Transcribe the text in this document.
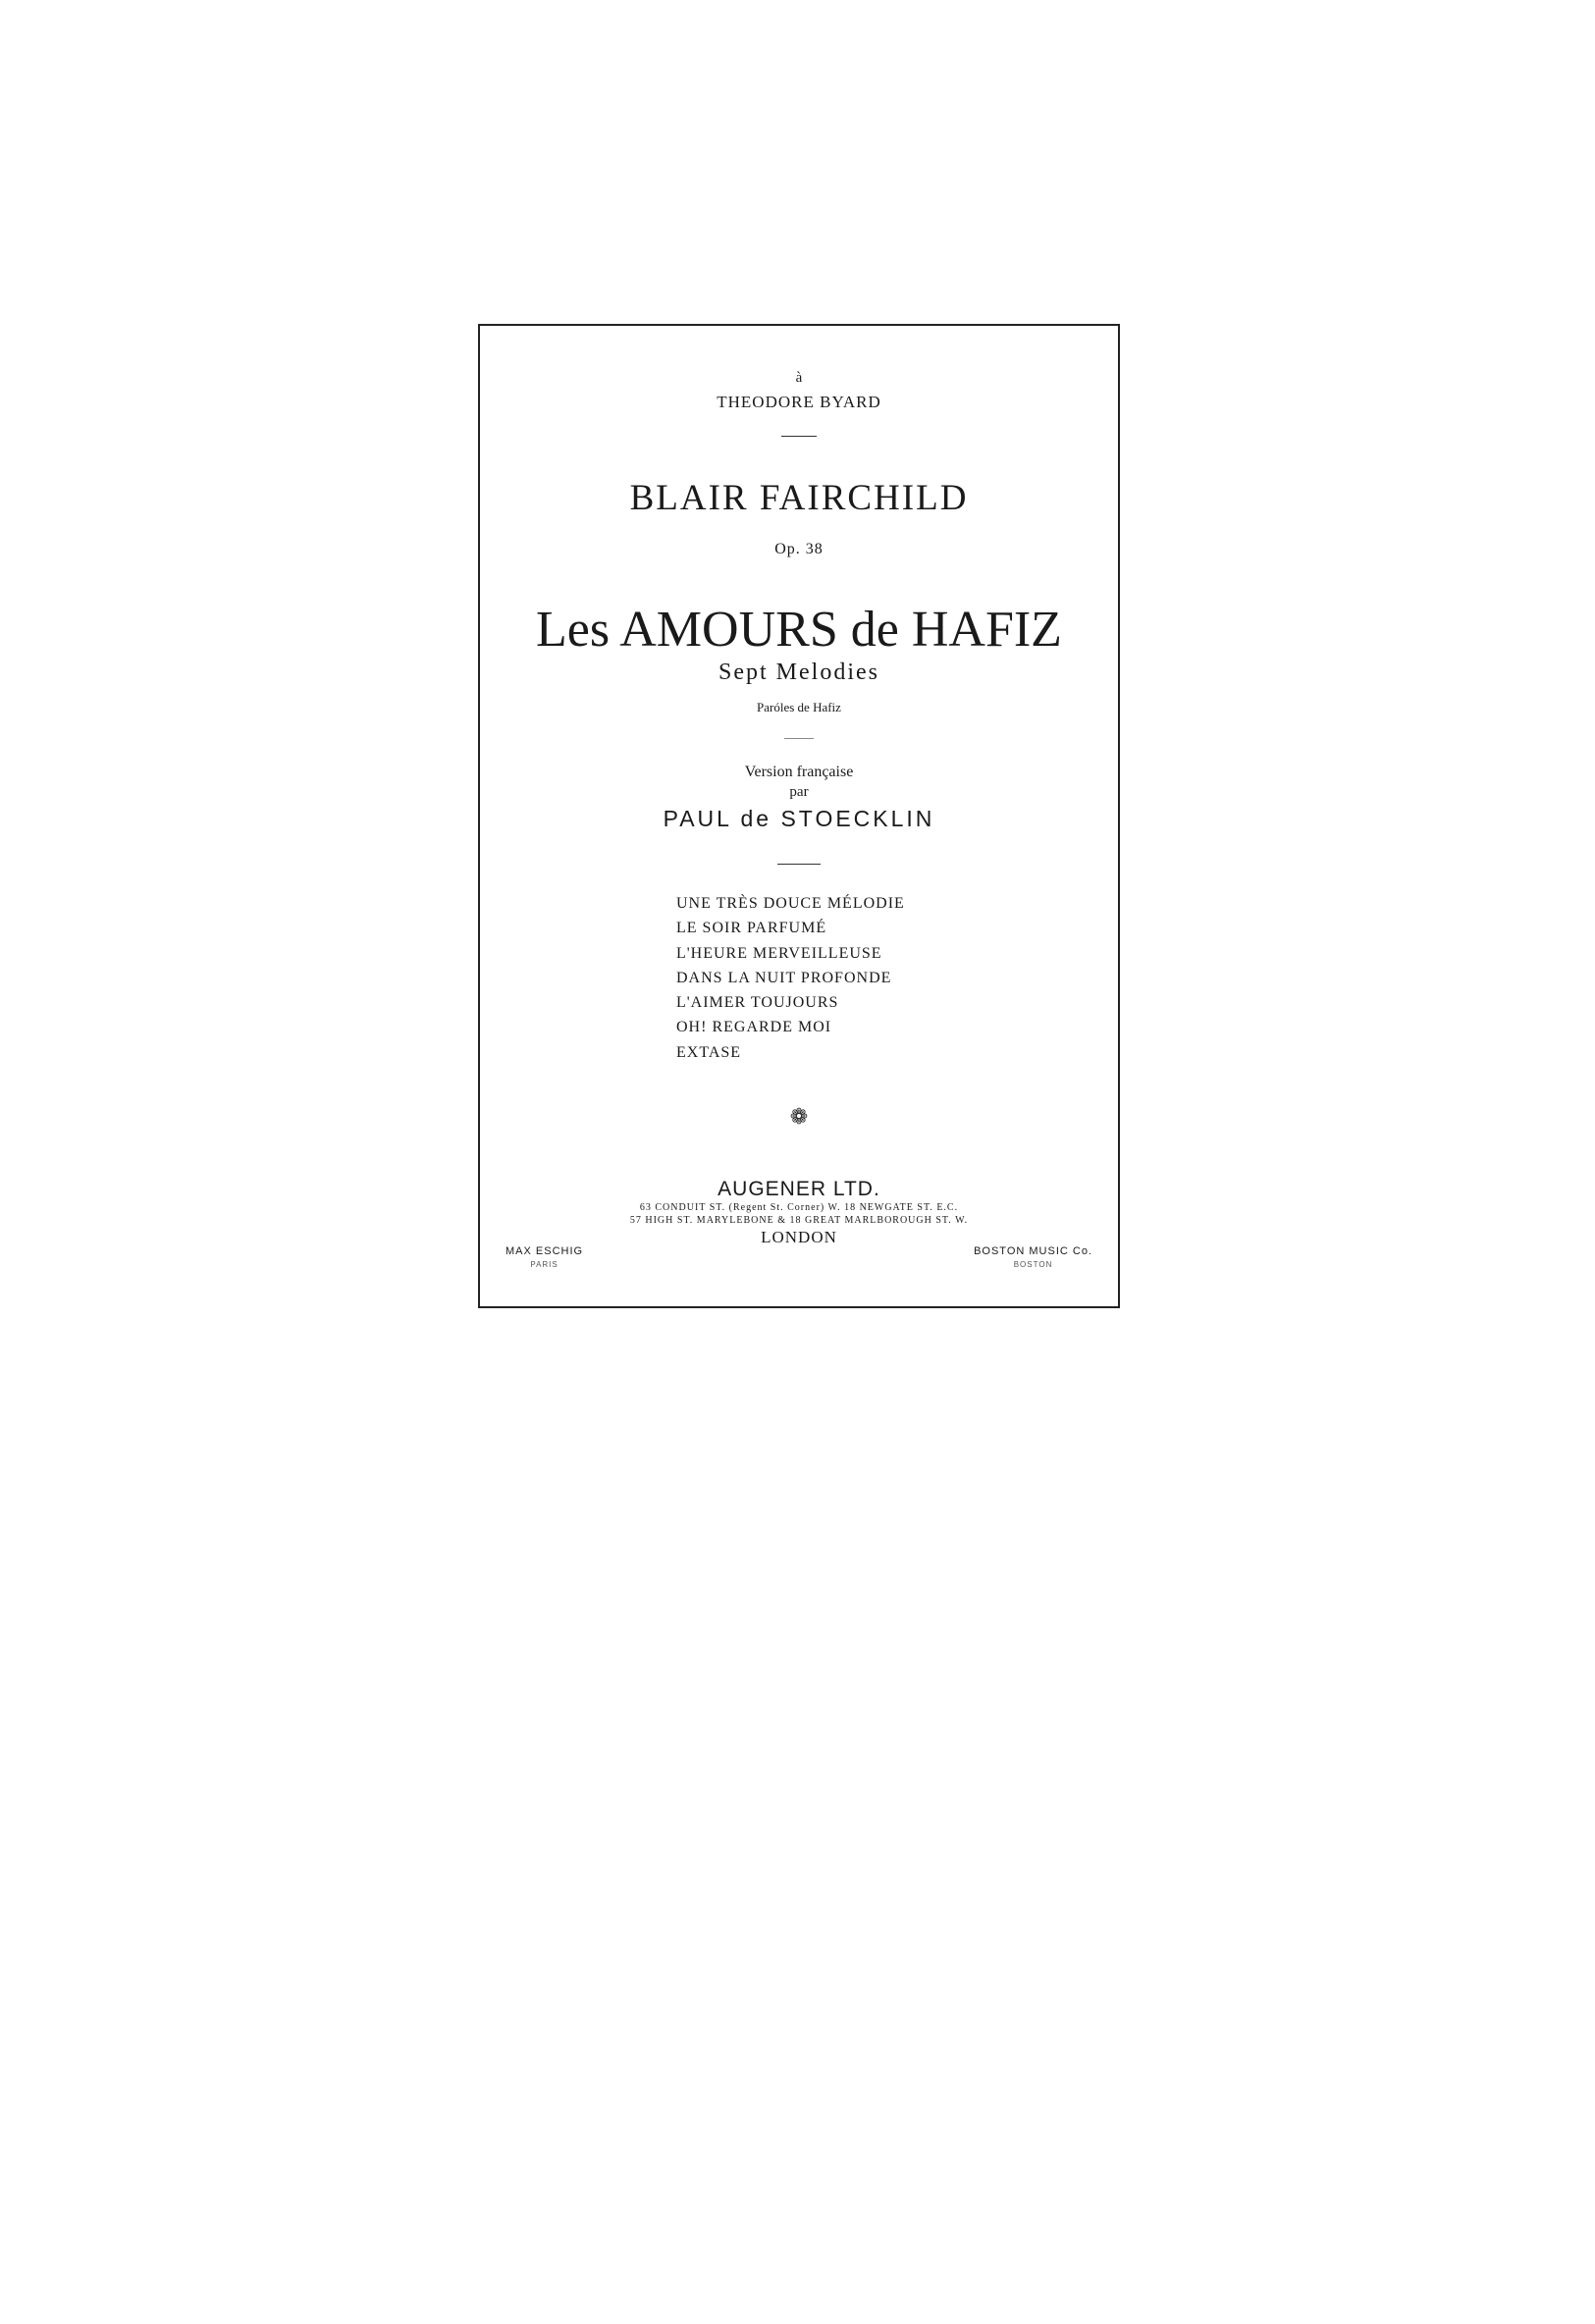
à
THEODORE BYARD
BLAIR FAIRCHILD
Op. 38
Les AMOURS de HAFIZ
Sept Melodies
Paróles de Hafiz
Version française
par
PAUL de STOECKLIN
UNE TRÈS DOUCE MÉLODIE
LE SOIR PARFUMÉ
L'HEURE MERVEILLEUSE
DANS LA NUIT PROFONDE
L'AIMER TOUJOURS
OH! REGARDE MOI
EXTASE
❁
AUGENER LTD.
63 CONDUIT ST. (Regent St. Corner) W. 18 NEWGATE ST. E.C.
57 HIGH ST. MARYLEBONE & 18 GREAT MARLBOROUGH ST. W.
LONDON
MAX ESCHIG
PARIS
BOSTON MUSIC Co.
BOSTON
